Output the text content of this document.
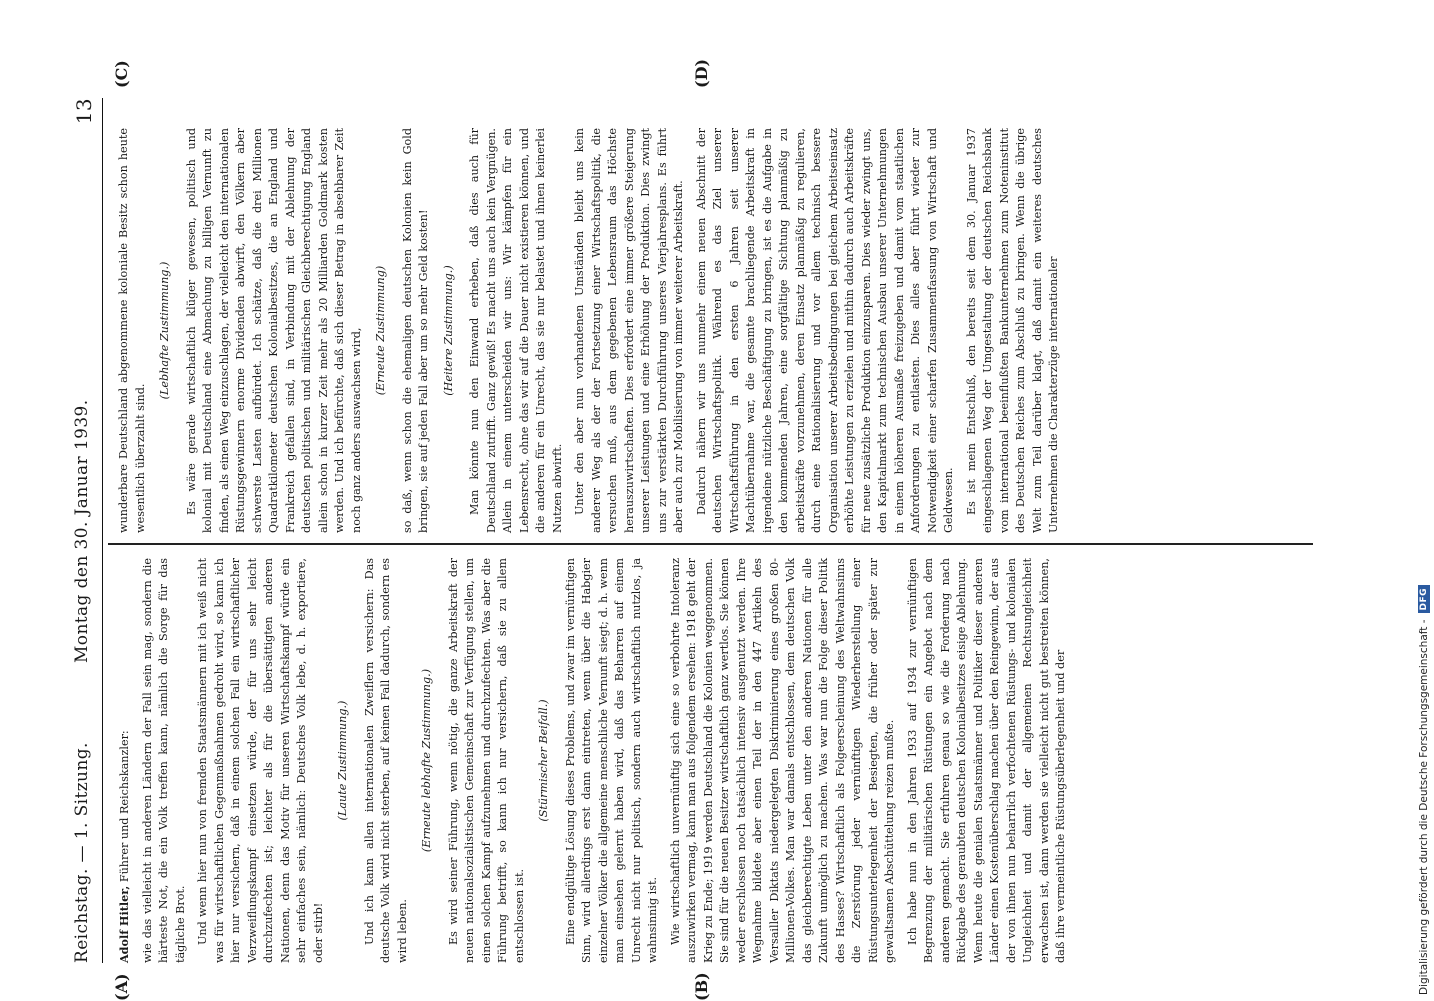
Reichstag. — 1. Sitzung.
Montag den 30. Januar 1939.
13
(A)	(B)
(C)	(D)

Adolf Hitler, Führer und Reichskanzler: wie das vielleicht in anderen Ländern der Fall sein mag, sondern die härteste Not, die ein Volk treffen kann, nämlich die Sorge für das tägliche Brot. Und wenn hier nun von fremden Staatsmännern mit ich weiß nicht was für wirtschaftlichen Gegenmaßnahmen gedroht wird, so kann ich hier nur versichern, daß in einem solchen Fall ein wirtschaftlicher Verzweiflungskampf einsetzen würde, der für uns sehr leicht durchzufechten ist; leichter als für die übersättigten anderen Nationen, denn das Motiv für unseren Wirtschaftskampf würde ein sehr einfaches sein, nämlich: Deutsches Volk lebe, d. h. exportiere, oder stirb!

(Laute Zustimmung.) Und ich kann allen internationalen Zweiflern versichern: Das deutsche Volk wird nicht sterben, auf keinen Fall dadurch, sondern es wird leben.

(Erneute lebhafte Zustimmung.) Es wird seiner Führung, wenn nötig, die ganze Arbeitskraft der neuen nationalsozialistischen Gemeinschaft zur Verfügung stellen, um einen solchen Kampf aufzunehmen und durchzufechten. Was aber die Führung betrifft, so kann ich nur versichern, daß sie zu allem entschlossen ist.

(Stürmischer Beifall.) Eine endgültige Lösung dieses Problems, und zwar im vernünftigen Sinn, wird allerdings erst dann eintreten, wenn über die Habgier einzelner Völker die allgemeine menschliche Vernunft siegt; d. h. wenn man einsehen gelernt haben wird, daß das Beharren auf einem Unrecht nicht nur politisch, sondern auch wirtschaftlich nutzlos, ja wahnsinnig ist. Wie wirtschaftlich unvernünftig sich eine so verbohrte Intoleranz auszuwirken vermag, kann man aus folgendem ersehen: 1918 geht der Krieg zu Ende; 1919 werden Deutschland die Kolonien weggenommen. Sie sind für die neuen Besitzer wirtschaftlich ganz wertlos. Sie können weder erschlossen noch tatsächlich intensiv ausgenutzt werden. Ihre Wegnahme bildete aber einen Teil der in den 447 Artikeln des Versailler Diktats niedergelegten Diskriminierung eines großen 80-Millionen-Volkes. Man war damals entschlossen, dem deutschen Volk das gleichberechtigte Leben unter den anderen Nationen für alle Zukunft unmöglich zu machen. Was war nun die Folge dieser Politik des Hasses? Wirtschaftlich als Folgeerscheinung des Weltwahnsinns die Zerstörung jeder vernünftigen Wiederherstellung einer Rüstungsunterlegenheit der Besiegten, die früher oder später zur gewaltsamen Abschüttelung reizen mußte. Ich habe nun in den Jahren 1933 auf 1934 zur vernünftigen Begrenzung der militärischen Rüstungen ein Angebot nach dem anderen gemacht. Sie erfuhren genau so wie die Forderung nach Rückgabe des geraubten deutschen Kolonialbesitzes eisige Ablehnung. Wenn heute die genialen Staatsmänner und Politiker dieser anderen Länder einen Kostenüberschlag machen über den Reingewinn, der aus der von ihnen nun beharrlich verfochtenen Rüstungs- und kolonialen Ungleichheit und damit der allgemeinen Rechtsungleichheit erwachsen ist, dann werden sie vielleicht nicht gut bestreiten können, daß ihre vermeintliche Rüstungsüberlegenheit und der

wunderbare Deutschland abgenommene koloniale Besitz schon heute wesentlich überzahlt sind.

(Lebhafte Zustimmung.) Es wäre gerade wirtschaftlich klüger gewesen, politisch und kolonial mit Deutschland eine Abmachung zu billigen Vernunft zu finden, als einen Weg einzuschlagen, der vielleicht den internationalen Rüstungsgewinnern enorme Dividenden abwirft, den Völkern aber schwerste Lasten aufbürdet. Ich schätze, daß die drei Millionen Quadratkilometer deutschen Kolonialbesitzes, die an England und Frankreich gefallen sind, in Verbindung mit der Ablehnung der deutschen politischen und militärischen Gleichberechtigung England allein schon in kurzer Zeit mehr als 20 Milliarden Goldmark kosten werden. Und ich befürchte, daß sich dieser Betrag in absehbarer Zeit noch ganz anders auswachsen wird, (Erneute Zustimmung) so daß, wenn schon die ehemaligen deutschen Kolonien kein Gold bringen, sie auf jeden Fall aber um so mehr Geld kosten! (Heitere Zustimmung.) Man könnte nun den Einwand erheben, daß dies auch für Deutschland zutrifft. Ganz gewiß! Es macht uns auch kein Vergnügen. Allein in einem unterscheiden wir uns: Wir kämpfen für ein Lebensrecht, ohne das wir auf die Dauer nicht existieren können, und die anderen für ein Unrecht, das sie nur belastet und ihnen keinerlei Nutzen abwirft. Unter den aber nun vorhandenen Umständen bleibt uns kein anderer Weg als der der Fortsetzung einer Wirtschaftspolitik, die versuchen muß, aus dem gegebenen Lebensraum das Höchste herauszuwirtschaften. Dies erfordert eine immer größere Steigerung unserer Leistungen und eine Erhöhung der Produktion. Dies zwingt uns zur verstärkten Durchführung unseres Vierjahresplans. Es führt aber auch zur Mobilisierung von immer weiterer Arbeitskraft. Dadurch nähern wir uns nunmehr einem neuen Abschnitt der deutschen Wirtschaftspolitik. Während es das Ziel unserer Wirtschaftsführung in den ersten 6 Jahren seit unserer Machtübernahme war, die gesamte brachliegende Arbeitskraft in irgendeine nützliche Beschäftigung zu bringen, ist es die Aufgabe in den kommenden Jahren, eine sorgfältige Sichtung planmäßig zu arbeitskräfte vorzunehmen, deren Einsatz planmäßig zu regulieren, durch eine Rationalisierung und vor allem technisch bessere Organisation unserer Arbeitsbedingungen bei gleichem Arbeitseinsatz erhöhte Leistungen zu erzielen und mithin dadurch auch Arbeitskräfte für neue zusätzliche Produktion einzusparen. Dies wieder zwingt uns, den Kapitalmarkt zum technischen Ausbau unserer Unternehmungen in einem höheren Ausmaße freizugeben und damit vom staatlichen Anforderungen zu entlasten. Dies alles aber führt wieder zur Notwendigkeit einer scharfen Zusammenfassung von Wirtschaft und Geldwesen. Es ist mein Entschluß, den bereits seit dem 30. Januar 1937 eingeschlagenen Weg der Umgestaltung der deutschen Reichsbank vom international beeinflußten Bankunternehmen zum Noteninstitut des Deutschen Reiches zum Abschluß zu bringen. Wenn die übrige Welt zum Teil darüber klagt, daß damit ein weiteres deutsches Unternehmen die Charakterzüge internationaler

Digitalisierung gefördert durch die Deutsche Forschungsgemeinschaft -
DFG
